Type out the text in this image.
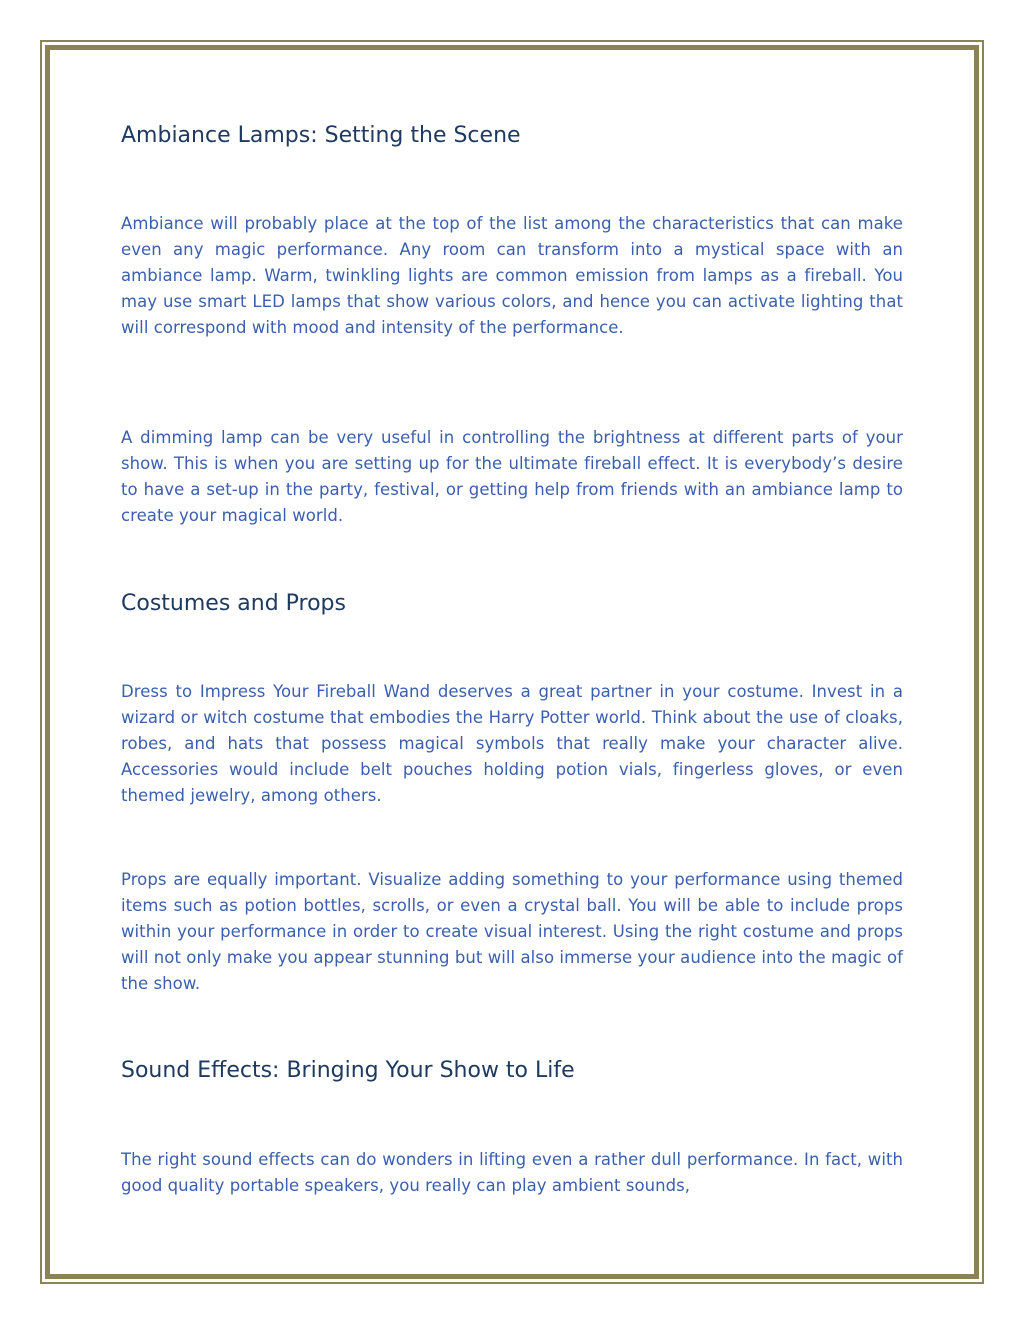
Ambiance Lamps: Setting the Scene

Ambiance will probably place at the top of the list among the characteristics that can make even any magic performance. Any room can transform into a mystical space with an ambiance lamp. Warm, twinkling lights are common emission from lamps as a fireball. You may use smart LED lamps that show various colors, and hence you can activate lighting that will correspond with mood and intensity of the performance.

A dimming lamp can be very useful in controlling the brightness at different parts of your show. This is when you are setting up for the ultimate fireball effect. It is everybody’s desire to have a set-up in the party, festival, or getting help from friends with an ambiance lamp to create your magical world.

Costumes and Props

Dress to Impress Your Fireball Wand deserves a great partner in your costume. Invest in a wizard or witch costume that embodies the Harry Potter world. Think about the use of cloaks, robes, and hats that possess magical symbols that really make your character alive. Accessories would include belt pouches holding potion vials, fingerless gloves, or even themed jewelry, among others.

Props are equally important. Visualize adding something to your performance using themed items such as potion bottles, scrolls, or even a crystal ball. You will be able to include props within your performance in order to create visual interest. Using the right costume and props will not only make you appear stunning but will also immerse your audience into the magic of the show.

Sound Effects: Bringing Your Show to Life

The right sound effects can do wonders in lifting even a rather dull performance. In fact, with good quality portable speakers, you really can play ambient sounds,
